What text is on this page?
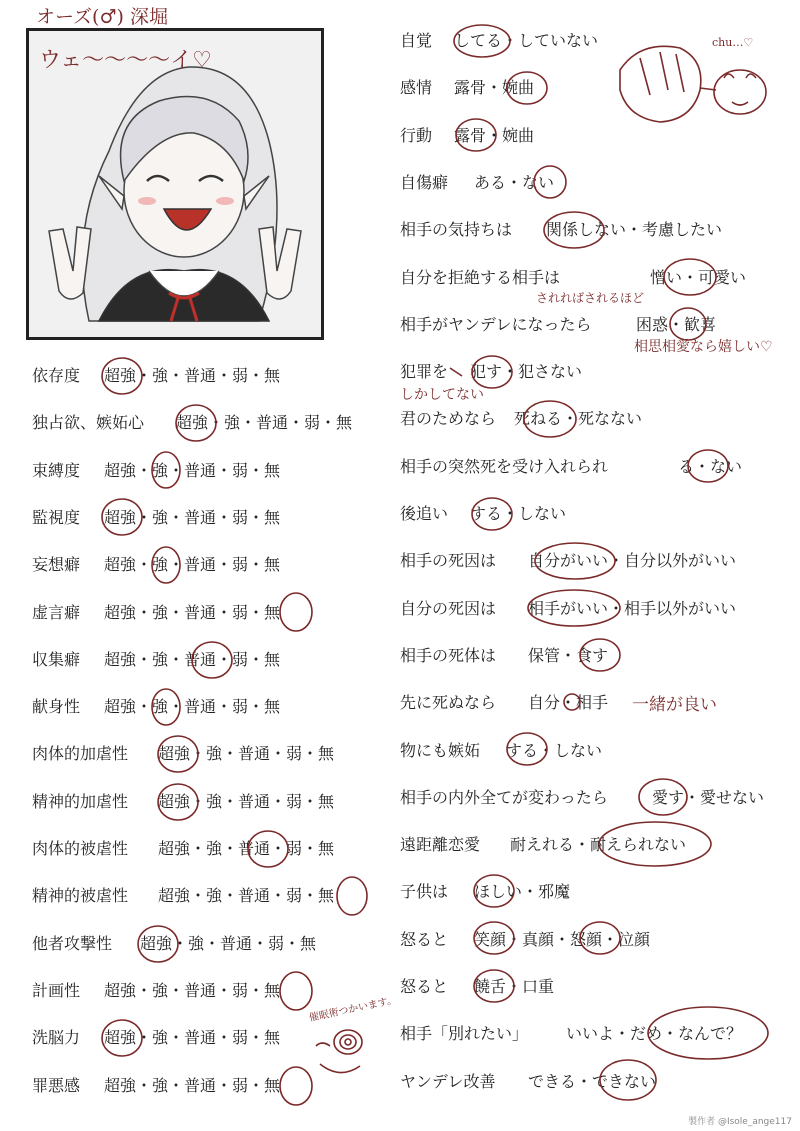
オーズ(♂) 深堀
ウェ〜〜〜〜イ♡
依存度 超強・強・普通・弱・無
独占欲、嫉妬心 超強・強・普通・弱・無
束縛度 超強・強・普通・弱・無
監視度 超強・強・普通・弱・無
妄想癖 超強・強・普通・弱・無
虚言癖 超強・強・普通・弱・無
収集癖 超強・強・普通・弱・無
献身性 超強・強・普通・弱・無
肉体的加虐性 超強・強・普通・弱・無
精神的加虐性 超強・強・普通・弱・無
肉体的被虐性 超強・強・普通・弱・無
精神的被虐性 超強・強・普通・弱・無
他者攻撃性 超強・強・普通・弱・無
計画性 超強・強・普通・弱・無
洗脳力 超強・強・普通・弱・無
罪悪感 超強・強・普通・弱・無
自覚 してる・していない
感情 露骨・婉曲
行動 露骨・婉曲
自傷癖 ある・ない
相手の気持ちは 関係しない・考慮したい
自分を拒絶する相手は	憎い・可愛い
相手がヤンデレになったら	困惑・歓喜
犯罪を 犯す・犯さない
君のためなら 死ねる・死なない
相手の突然死を受け入れられ	る・ない
後追い する・しない
相手の死因は 自分がいい・自分以外がいい
自分の死因は 相手がいい・相手以外がいい
相手の死体は 保管・食す
先に死ぬなら 自分・相手
物にも嫉妬 する・しない
相手の内外全てが変わったら	愛す・愛せない
遠距離恋愛 耐えれる・耐えられない
子供は ほしい・邪魔
怒ると 笑顔・真顔・怒顔・泣顔
怒ると 饒舌・口重
相手「別れたい」 いいよ・だめ・なんで？
ヤンデレ改善 できる・できない
されればされるほど
相思相愛なら嬉しい♡
しかしてない
一緒が良い
催眠術つかいます。
chu…♡
製作者 @Isole_ange117
